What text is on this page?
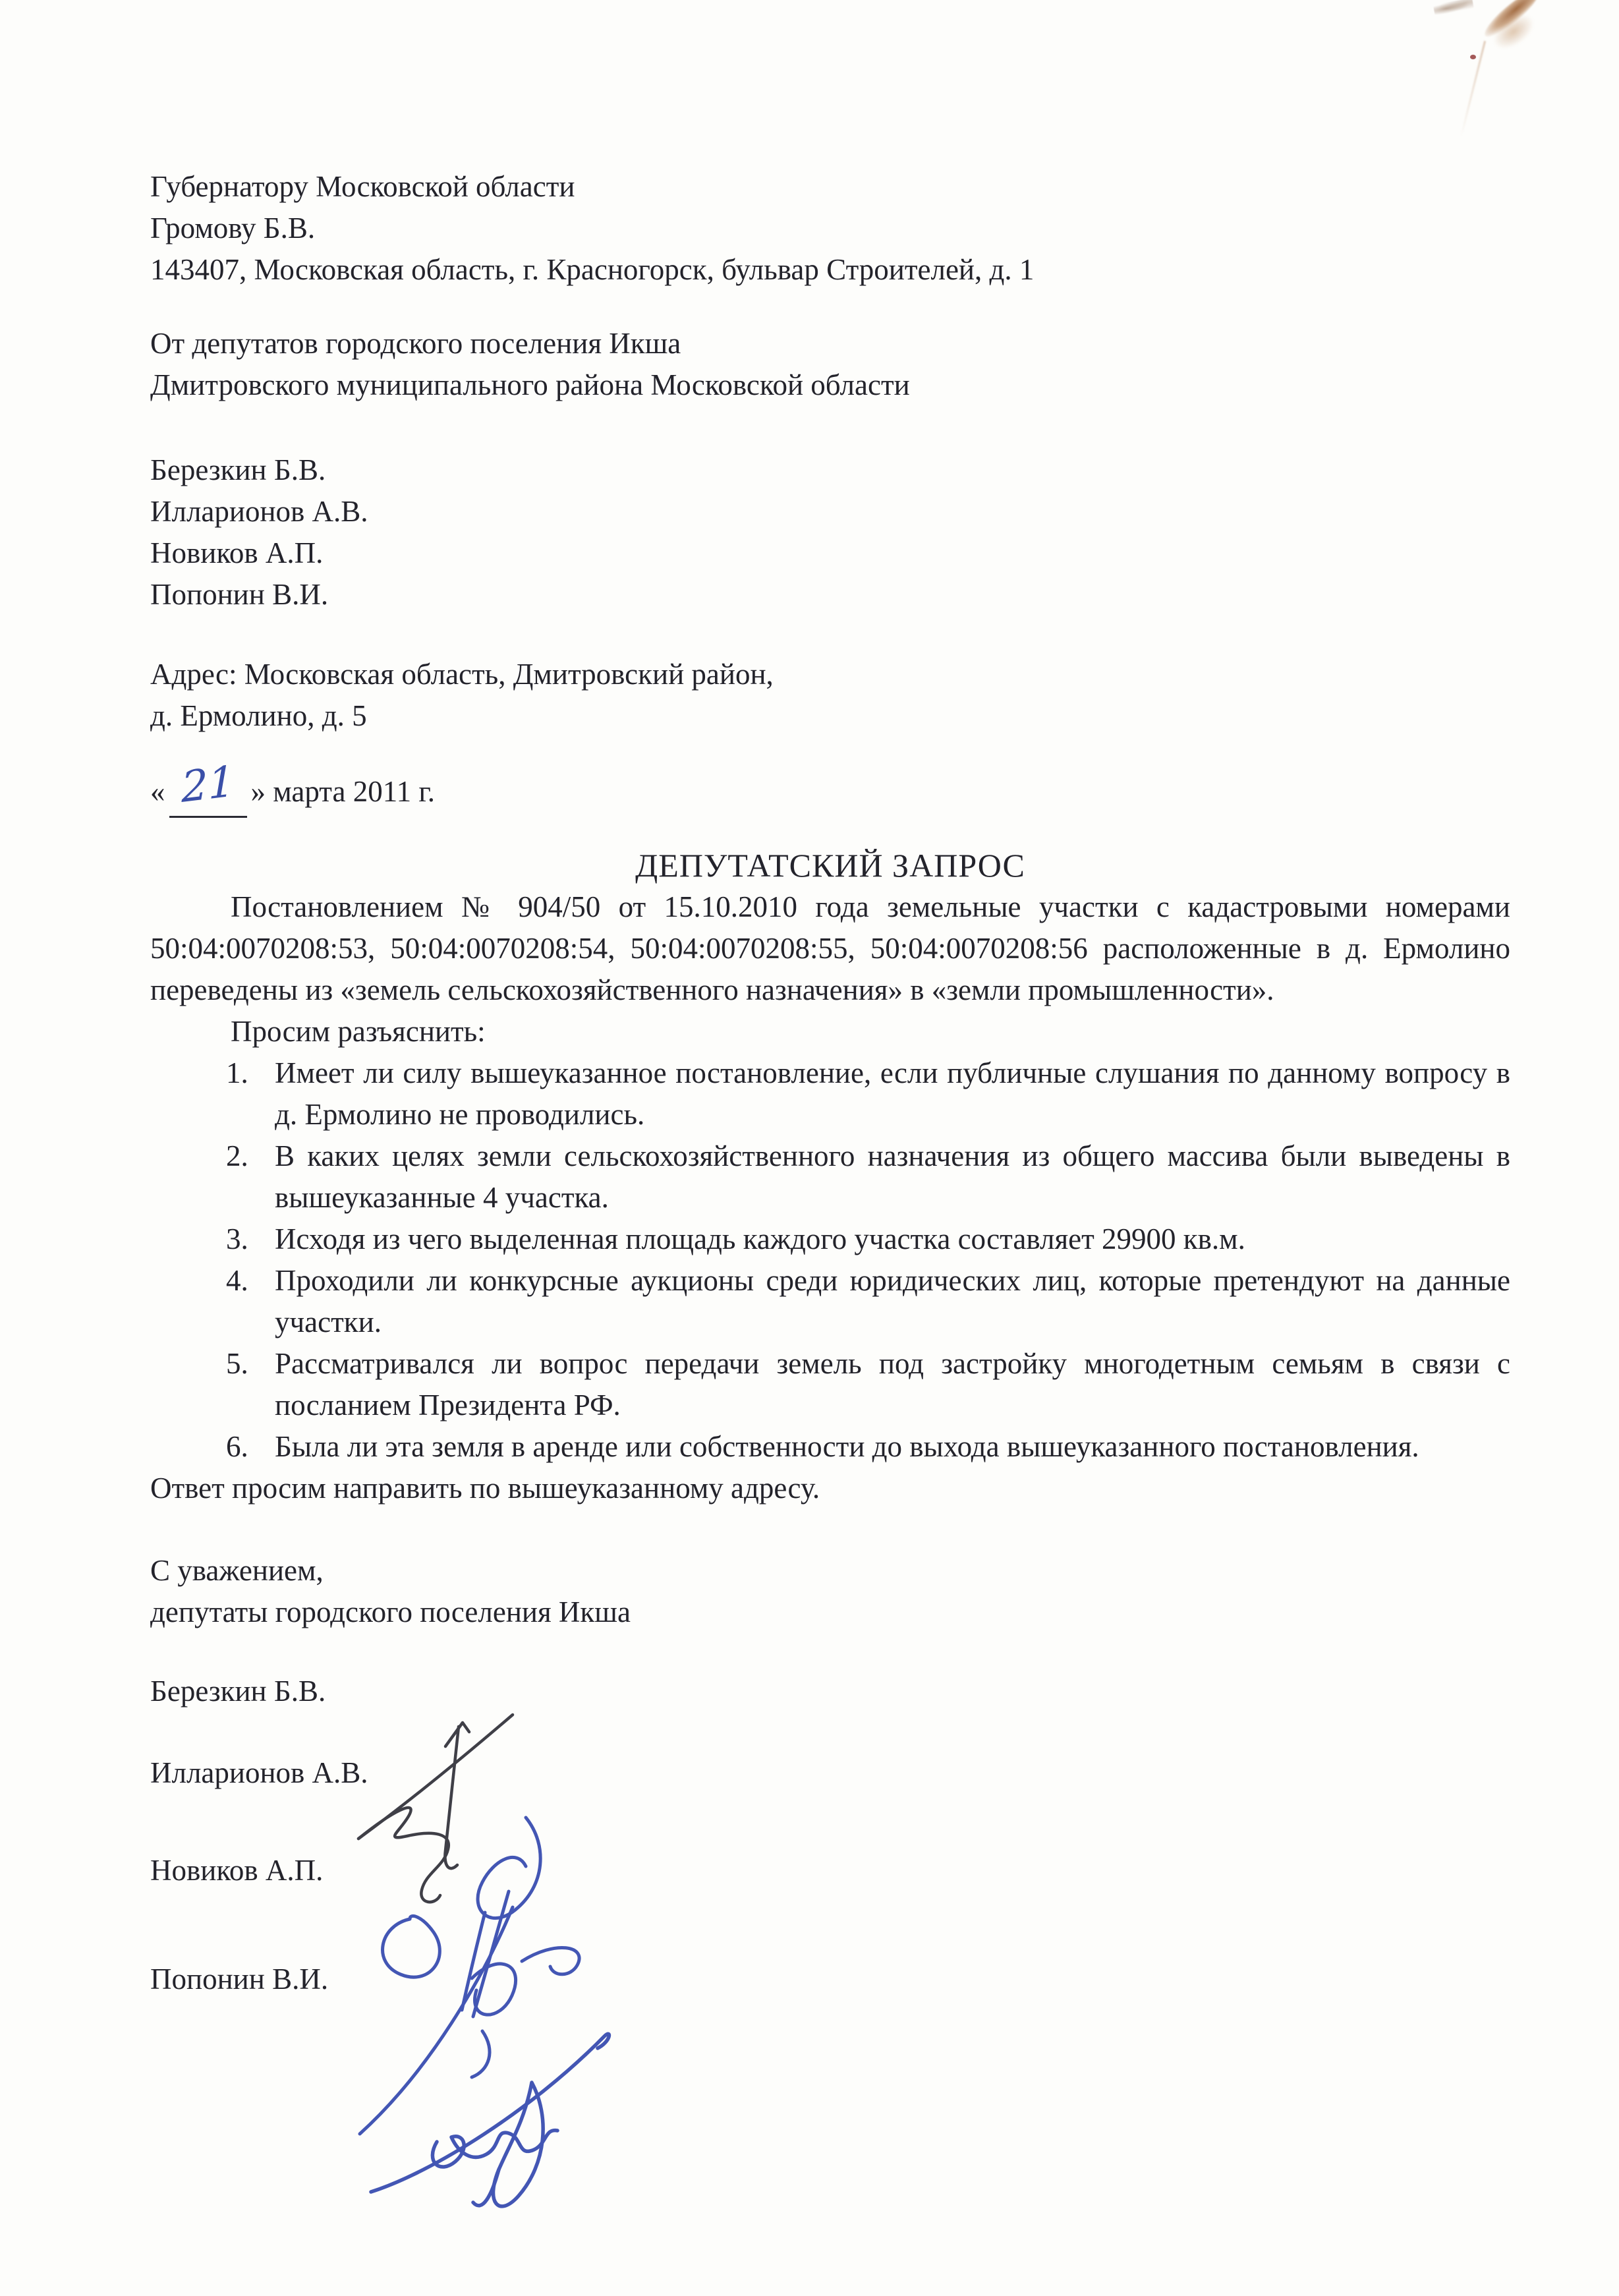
Губернатору Московской области

Громову Б.В.

143407, Московская область, г. Красногорск, бульвар Строителей, д. 1

От депутатов городского поселения Икша

Дмитровского муниципального района Московской области

Березкин Б.В.

Илларионов А.В.

Новиков А.П.

Попонин В.И.

Адрес: Московская область, Дмитровский район,

д. Ермолино, д. 5

« 21 » марта 2011 г.
ДЕПУТАТСКИЙ ЗАПРОС

Постановлением № 904/50 от 15.10.2010 года земельные участки с кадастровыми номерами 50:04:0070208:53, 50:04:0070208:54, 50:04:0070208:55, 50:04:0070208:56 расположенные в д. Ермолино переведены из «земель сельскохозяйственного назначения» в «земли промышленности».

Просим разъяснить:

Имеет ли силу вышеуказанное постановление, если публичные слушания по данному вопросу в д. Ермолино не проводились.
В каких целях земли сельскохозяйственного назначения из общего массива были выведены в вышеуказанные 4 участка.
Исходя из чего выделенная площадь каждого участка составляет 29900 кв.м.
Проходили ли конкурсные аукционы среди юридических лиц, которые претендуют на данные участки.
Рассматривался ли вопрос передачи земель под застройку многодетным семьям в связи с посланием Президента РФ.
Была ли эта земля в аренде или собственности до выхода вышеуказанного постановления.

Ответ просим направить по вышеуказанному адресу.

С уважением,

депутаты городского поселения Икша

Березкин Б.В.
Илларионов А.В.
Новиков А.П.
Попонин В.И.
